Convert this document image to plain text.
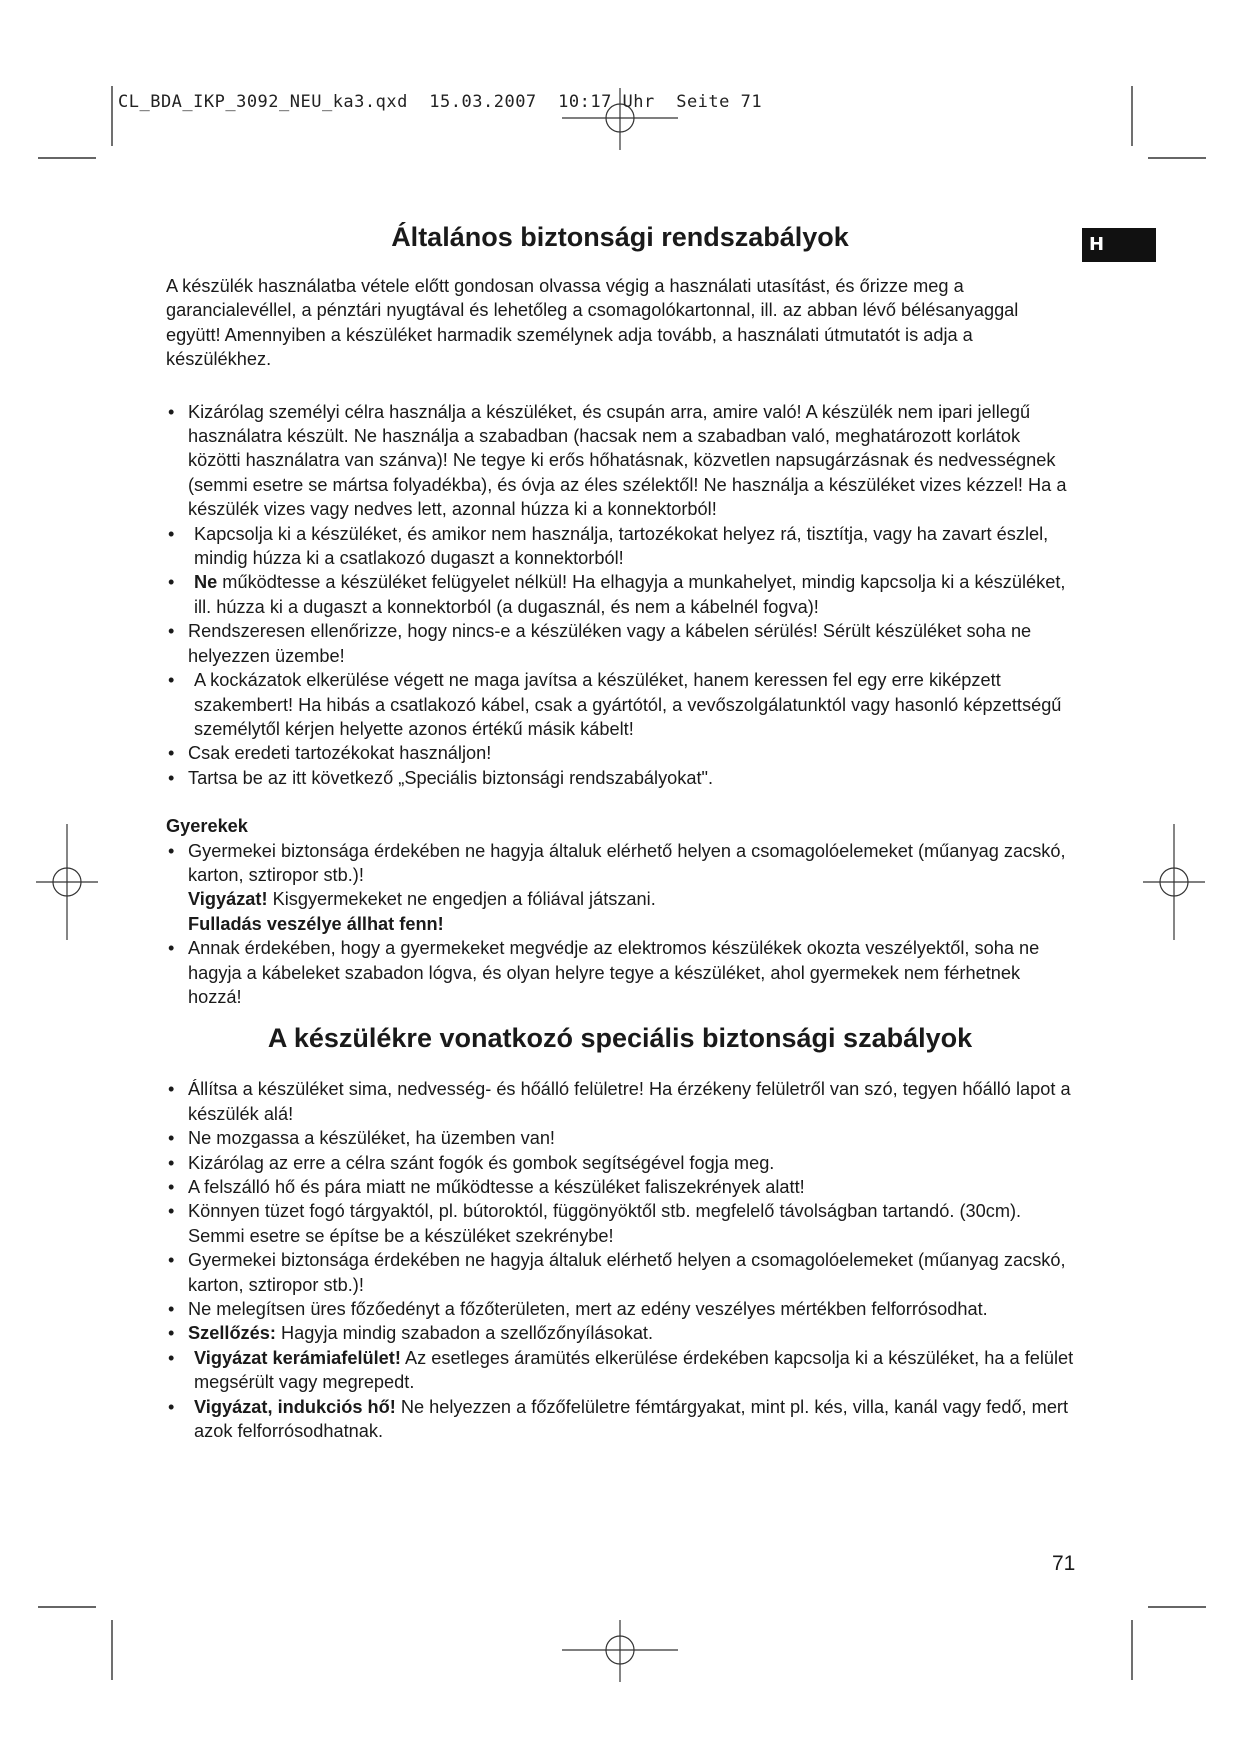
CL_BDA_IKP_3092_NEU_ka3.qxd  15.03.2007  10:17 Uhr  Seite 71
H
Általános biztonsági rendszabályok

A készülék használatba vétele előtt gondosan olvassa végig a használati utasítást, és őrizze meg a garancialevéllel, a pénztári nyugtával és lehetőleg a csomagolókartonnal, ill. az abban lévő bélésanyaggal együtt! Amennyiben a készüléket harmadik személynek adja tovább, a használati útmutatót is adja a készülékhez.

• Kizárólag személyi célra használja a készüléket, és csupán arra, amire való! A készülék nem ipari jellegű használatra készült. Ne használja a szabadban (hacsak nem a szabadban való, meghatározott korlátok közötti használatra van szánva)! Ne tegye ki erős hőhatásnak, közvetlen napsugárzásnak és nedvességnek (semmi esetre se mártsa folyadékba), és óvja az éles szélektől! Ne használja a készüléket vizes kézzel! Ha a készülék vizes vagy nedves lett, azonnal húzza ki a konnektorból!
• Kapcsolja ki a készüléket, és amikor nem használja, tartozékokat helyez rá, tisztítja, vagy ha zavart észlel, mindig húzza ki a csatlakozó dugaszt a konnektorból!
• Ne működtesse a készüléket felügyelet nélkül! Ha elhagyja a munkahelyet, mindig kapcsolja ki a készüléket, ill. húzza ki a dugaszt a konnektorból (a dugasznál, és nem a kábelnél fogva)!
• Rendszeresen ellenőrizze, hogy nincs-e a készüléken vagy a kábelen sérülés! Sérült készüléket soha ne helyezzen üzembe!
• A kockázatok elkerülése végett ne maga javítsa a készüléket, hanem keressen fel egy erre kiképzett szakembert! Ha hibás a csatlakozó kábel, csak a gyártótól, a vevőszolgálatunktól vagy hasonló képzettségű személytől kérjen helyette azonos értékű másik kábelt!
• Csak eredeti tartozékokat használjon!
• Tartsa be az itt következő „Speciális biztonsági rendszabályokat".
Gyerekek
• Gyermekei biztonsága érdekében ne hagyja általuk elérhető helyen a csomagolóelemeket (műanyag zacskó, karton, sztiropor stb.)!
Vigyázat! Kisgyermekeket ne engedjen a fóliával játszani.
Fulladás veszélye állhat fenn!
• Annak érdekében, hogy a gyermekeket megvédje az elektromos készülékek okozta veszélyektől, soha ne hagyja a kábeleket szabadon lógva, és olyan helyre tegye a készüléket, ahol gyermekek nem férhetnek hozzá!
A készülékre vonatkozó speciális biztonsági szabályok
• Állítsa a készüléket sima, nedvesség- és hőálló felületre! Ha érzékeny felületről van szó, tegyen hőálló lapot a készülék alá!
• Ne mozgassa a készüléket, ha üzemben van!
• Kizárólag az erre a célra szánt fogók és gombok segítségével fogja meg.
• A felszálló hő és pára miatt ne működtesse a készüléket faliszekrények alatt!
• Könnyen tüzet fogó tárgyaktól, pl. bútoroktól, függönyöktől stb. megfelelő távolságban tartandó. (30cm). Semmi esetre se építse be a készüléket szekrénybe!
• Gyermekei biztonsága érdekében ne hagyja általuk elérhető helyen a csomagolóelemeket (műanyag zacskó, karton, sztiropor stb.)!
• Ne melegítsen üres főzőedényt a főzőterületen, mert az edény veszélyes mértékben felforrósodhat.
• Szellőzés: Hagyja mindig szabadon a szellőzőnyílásokat.
• Vigyázat kerámiafelület! Az esetleges áramütés elkerülése érdekében kapcsolja ki a készüléket, ha a felület megsérült vagy megrepedt.
• Vigyázat, indukciós hő! Ne helyezzen a főzőfelületre fémtárgyakat, mint pl. kés, villa, kanál vagy fedő, mert azok felforrósodhatnak.
71
